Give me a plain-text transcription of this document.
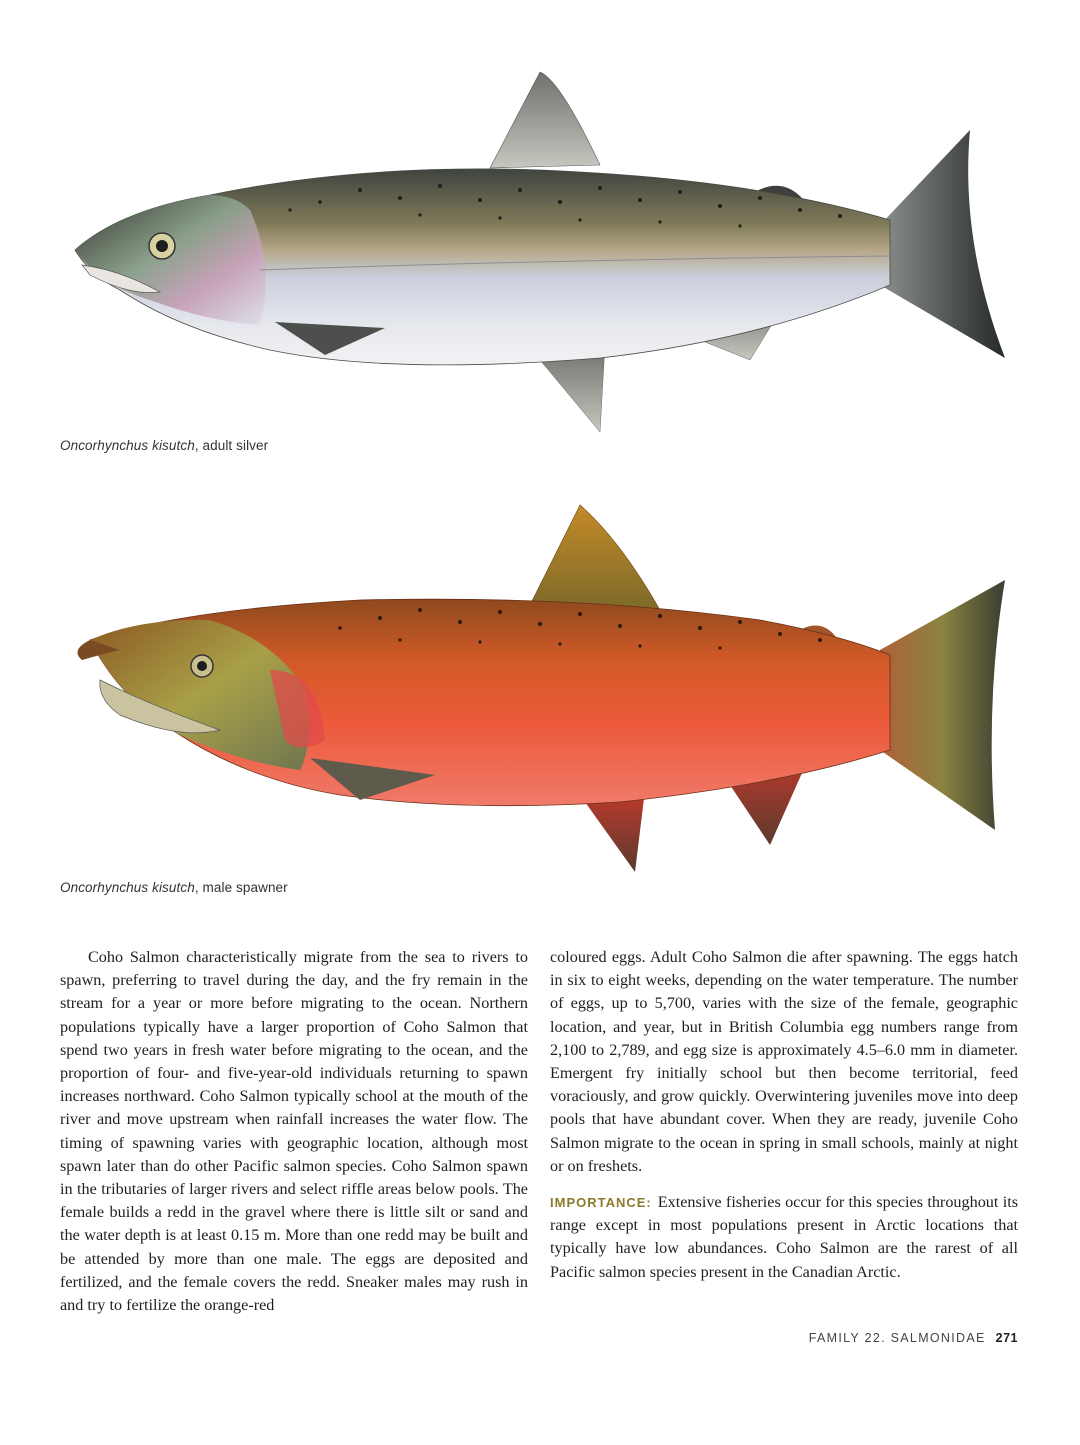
Oncorhynchus kisutch, adult silver
Oncorhynchus kisutch, male spawner

Coho Salmon characteristically migrate from the sea to rivers to spawn, preferring to travel during the day, and the fry remain in the stream for a year or more before migrating to the ocean. Northern populations typically have a larger proportion of Coho Salmon that spend two years in fresh water before migrating to the ocean, and the proportion of four- and five-year-old individuals returning to spawn increases northward. Coho Salmon typically school at the mouth of the river and move upstream when rainfall increases the water flow. The timing of spawning varies with geographic location, although most spawn later than do other Pacific salmon species. Coho Salmon spawn in the tributaries of larger rivers and select riffle areas below pools. The female builds a redd in the gravel where there is little silt or sand and the water depth is at least 0.15 m. More than one redd may be built and be attended by more than one male. The eggs are deposited and fertilized, and the female covers the redd. Sneaker males may rush in and try to fertilize the orange-red

coloured eggs. Adult Coho Salmon die after spawning. The eggs hatch in six to eight weeks, depending on the water temperature. The number of eggs, up to 5,700, varies with the size of the female, geographic location, and year, but in British Columbia egg numbers range from 2,100 to 2,789, and egg size is approximately 4.5–6.0 mm in diameter. Emergent fry initially school but then become territorial, feed voraciously, and grow quickly. Overwintering juveniles move into deep pools that have abundant cover. When they are ready, juvenile Coho Salmon migrate to the ocean in spring in small schools, mainly at night or on freshets.

IMPORTANCE: Extensive fisheries occur for this species throughout its range except in most populations present in Arctic locations that typically have low abundances. Coho Salmon are the rarest of all Pacific salmon species present in the Canadian Arctic.

FAMILY 22. SALMONIDAE 271
